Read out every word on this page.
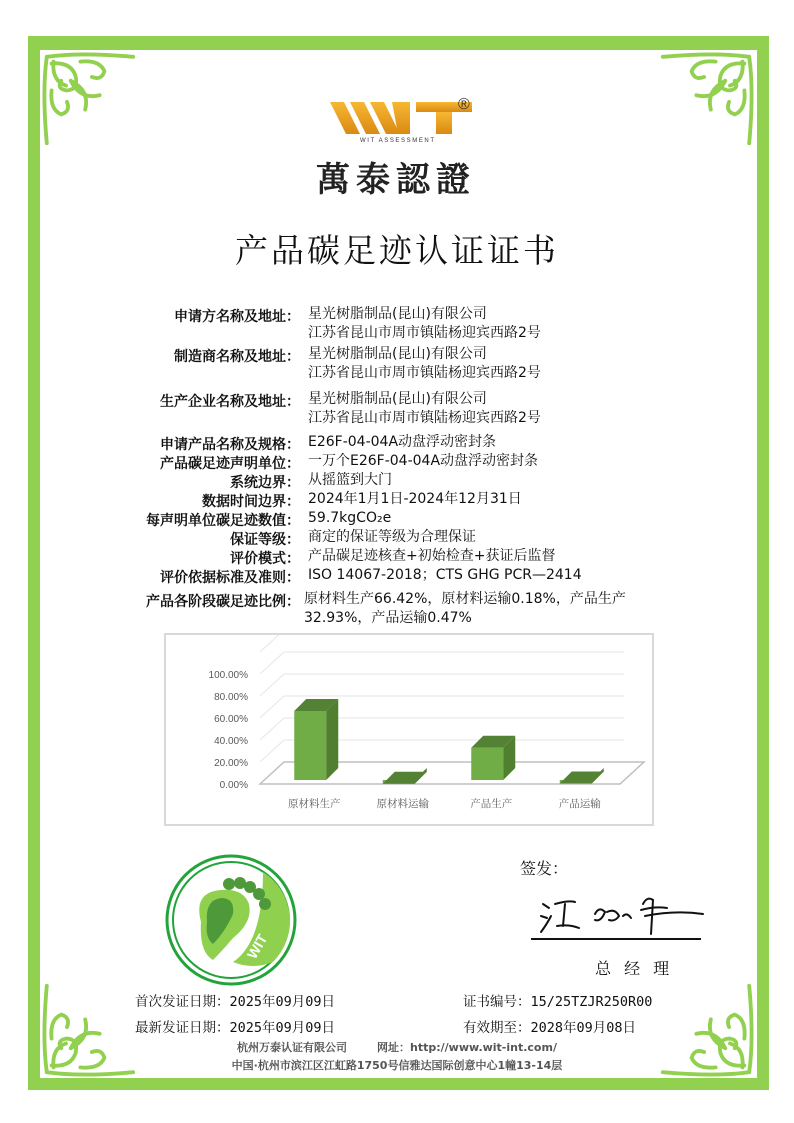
®
WIT ASSESSMENT
萬泰認證
产品碳足迹认证证书
申请方名称及地址： 星光树脂制品(昆山)有限公司
江苏省昆山市周市镇陆杨迎宾西路2号
制造商名称及地址： 星光树脂制品(昆山)有限公司
江苏省昆山市周市镇陆杨迎宾西路2号
生产企业名称及地址： 星光树脂制品(昆山)有限公司
江苏省昆山市周市镇陆杨迎宾西路2号
申请产品名称及规格： E26F-04-04A动盘浮动密封条
产品碳足迹声明单位： 一万个E26F-04-04A动盘浮动密封条
系统边界： 从摇篮到大门
数据时间边界： 2024年1月1日-2024年12月31日
每声明单位碳足迹数值： 59.7kgCO₂e
保证等级： 商定的保证等级为合理保证
评价模式： 产品碳足迹核查+初始检查+获证后监督
评价依据标准及准则： ISO 14067-2018；CTS GHG PCR—2414
产品各阶段碳足迹比例： 原材料生产66.42%，原材料运输0.18%，产品生产
32.93%，产品运输0.47%
0.00%
20.00%
40.00%
60.00%
80.00%
100.00%
原材料生产	原材料运输	产品生产	产品运输
WIT
签发：
总 经 理
首次发证日期：2025年09月09日
最新发证日期：2025年09月09日
证书编号：15/25TZJR250R00
有效期至：2028年09月08日
杭州万泰认证有限公司	网址：http://www.wit-int.com/
中国·杭州市滨江区江虹路1750号信雅达国际创意中心1幢13-14层
